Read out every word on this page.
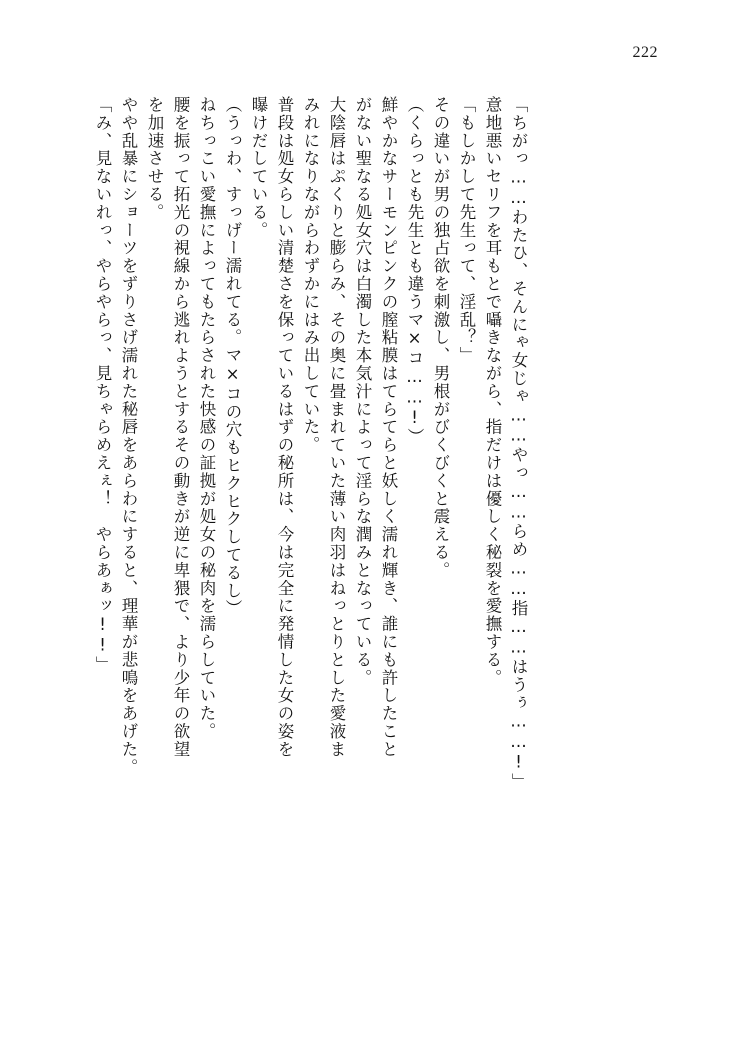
222
「み、見ないれっ、やらやらっ、見ちゃらめえぇ！　やらあぁッ!!」 やや乱暴にショーツをずりさげ濡れた秘唇をあらわにすると、理華が悲鳴をあげた。 を加速させる。 腰を振って拓光の視線から逃れようとするその動きが逆に卑猥で、より少年の欲望 ねちっこい愛撫によってもたらされた快感の証拠が処女の秘肉を濡らしていた。 （うっわ、すっげー濡れてる。マ×コの穴もヒクヒクしてるし） 曝けだしている。 普段は処女らしい清楚さを保っているはずの秘所は、今は完全に発情した女の姿を みれになりながらわずかにはみ出していた。 大陰唇はぷくりと膨らみ、その奥に畳まれていた薄い肉羽はねっとりとした愛液ま がない聖なる処女穴は白濁した本気汁によって淫らな潤みとなっている。 鮮やかなサーモンピンクの膣粘膜はてらてらと妖しく濡れ輝き、誰にも許したこと （くらっとも先生とも違うマ×コ……!） その違いが男の独占欲を刺激し、男根がびくびくと震える。 「もしかして先生って、淫乱？」 意地悪いセリフを耳もとで囁きながら、指だけは優しく秘裂を愛撫する。 「ちがっ……わたひ、そんにゃ女じゃ……やっ……らめ……指……はうぅ……!」
